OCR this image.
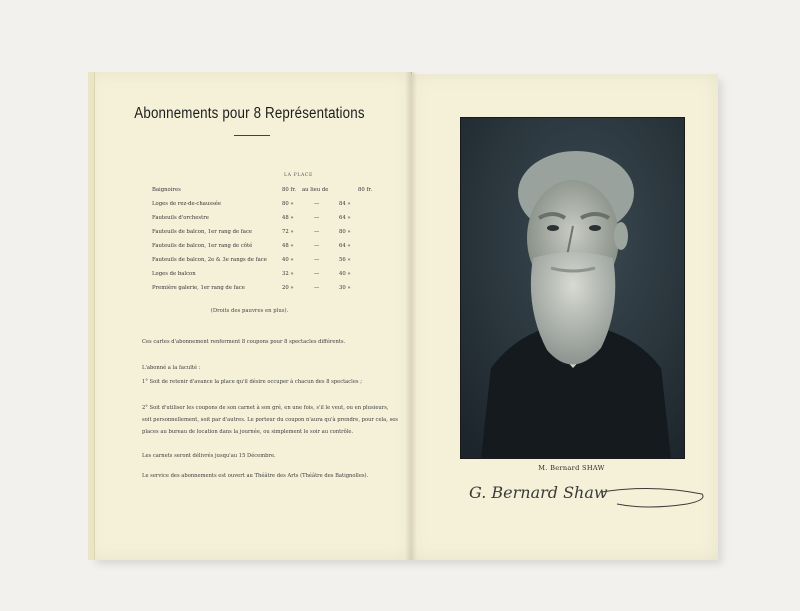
Abonnements pour 8 Représentations
LA PLACE
Baignoires	80 fr. au lieu de	80 fr.
Loges de rez-de-chaussée	80 »	—	84 »
Fauteuils d'orchestre	48 »	—	64 »
Fauteuils de balcon, 1er rang de face	72 »	—	80 »
Fauteuils de balcon, 1er rang de côté	48 »	—	64 »
Fauteuils de balcon, 2e & 3e rangs de face	40 »	—	56 »
Loges de balcon	32 »	—	40 »
Première galerie, 1er rang de face	20 »	—	30 »
(Droits des pauvres en plus).
Ces cartes d'abonnement renferment 8 coupons pour 8 spectacles différents.
L'abonné a la faculté :
1° Soit de retenir d'avance la place qu'il désire occuper à chacun des 8 spectacles ;
2° Soit d'utiliser les coupons de son carnet à son gré, en une fois, s'il le veut, ou en plusieurs, soit personnellement, soit par d'autres. Le porteur du coupon n'aura qu'à prendre, pour cela, ses places au bureau de location dans la journée, ou simplement le soir au contrôle.
Les carnets seront délivrés jusqu'au 15 Décembre.
Le service des abonnements est ouvert au Théâtre des Arts (Théâtre des Batignolles).
M. Bernard SHAW
G. Bernard Shaw
